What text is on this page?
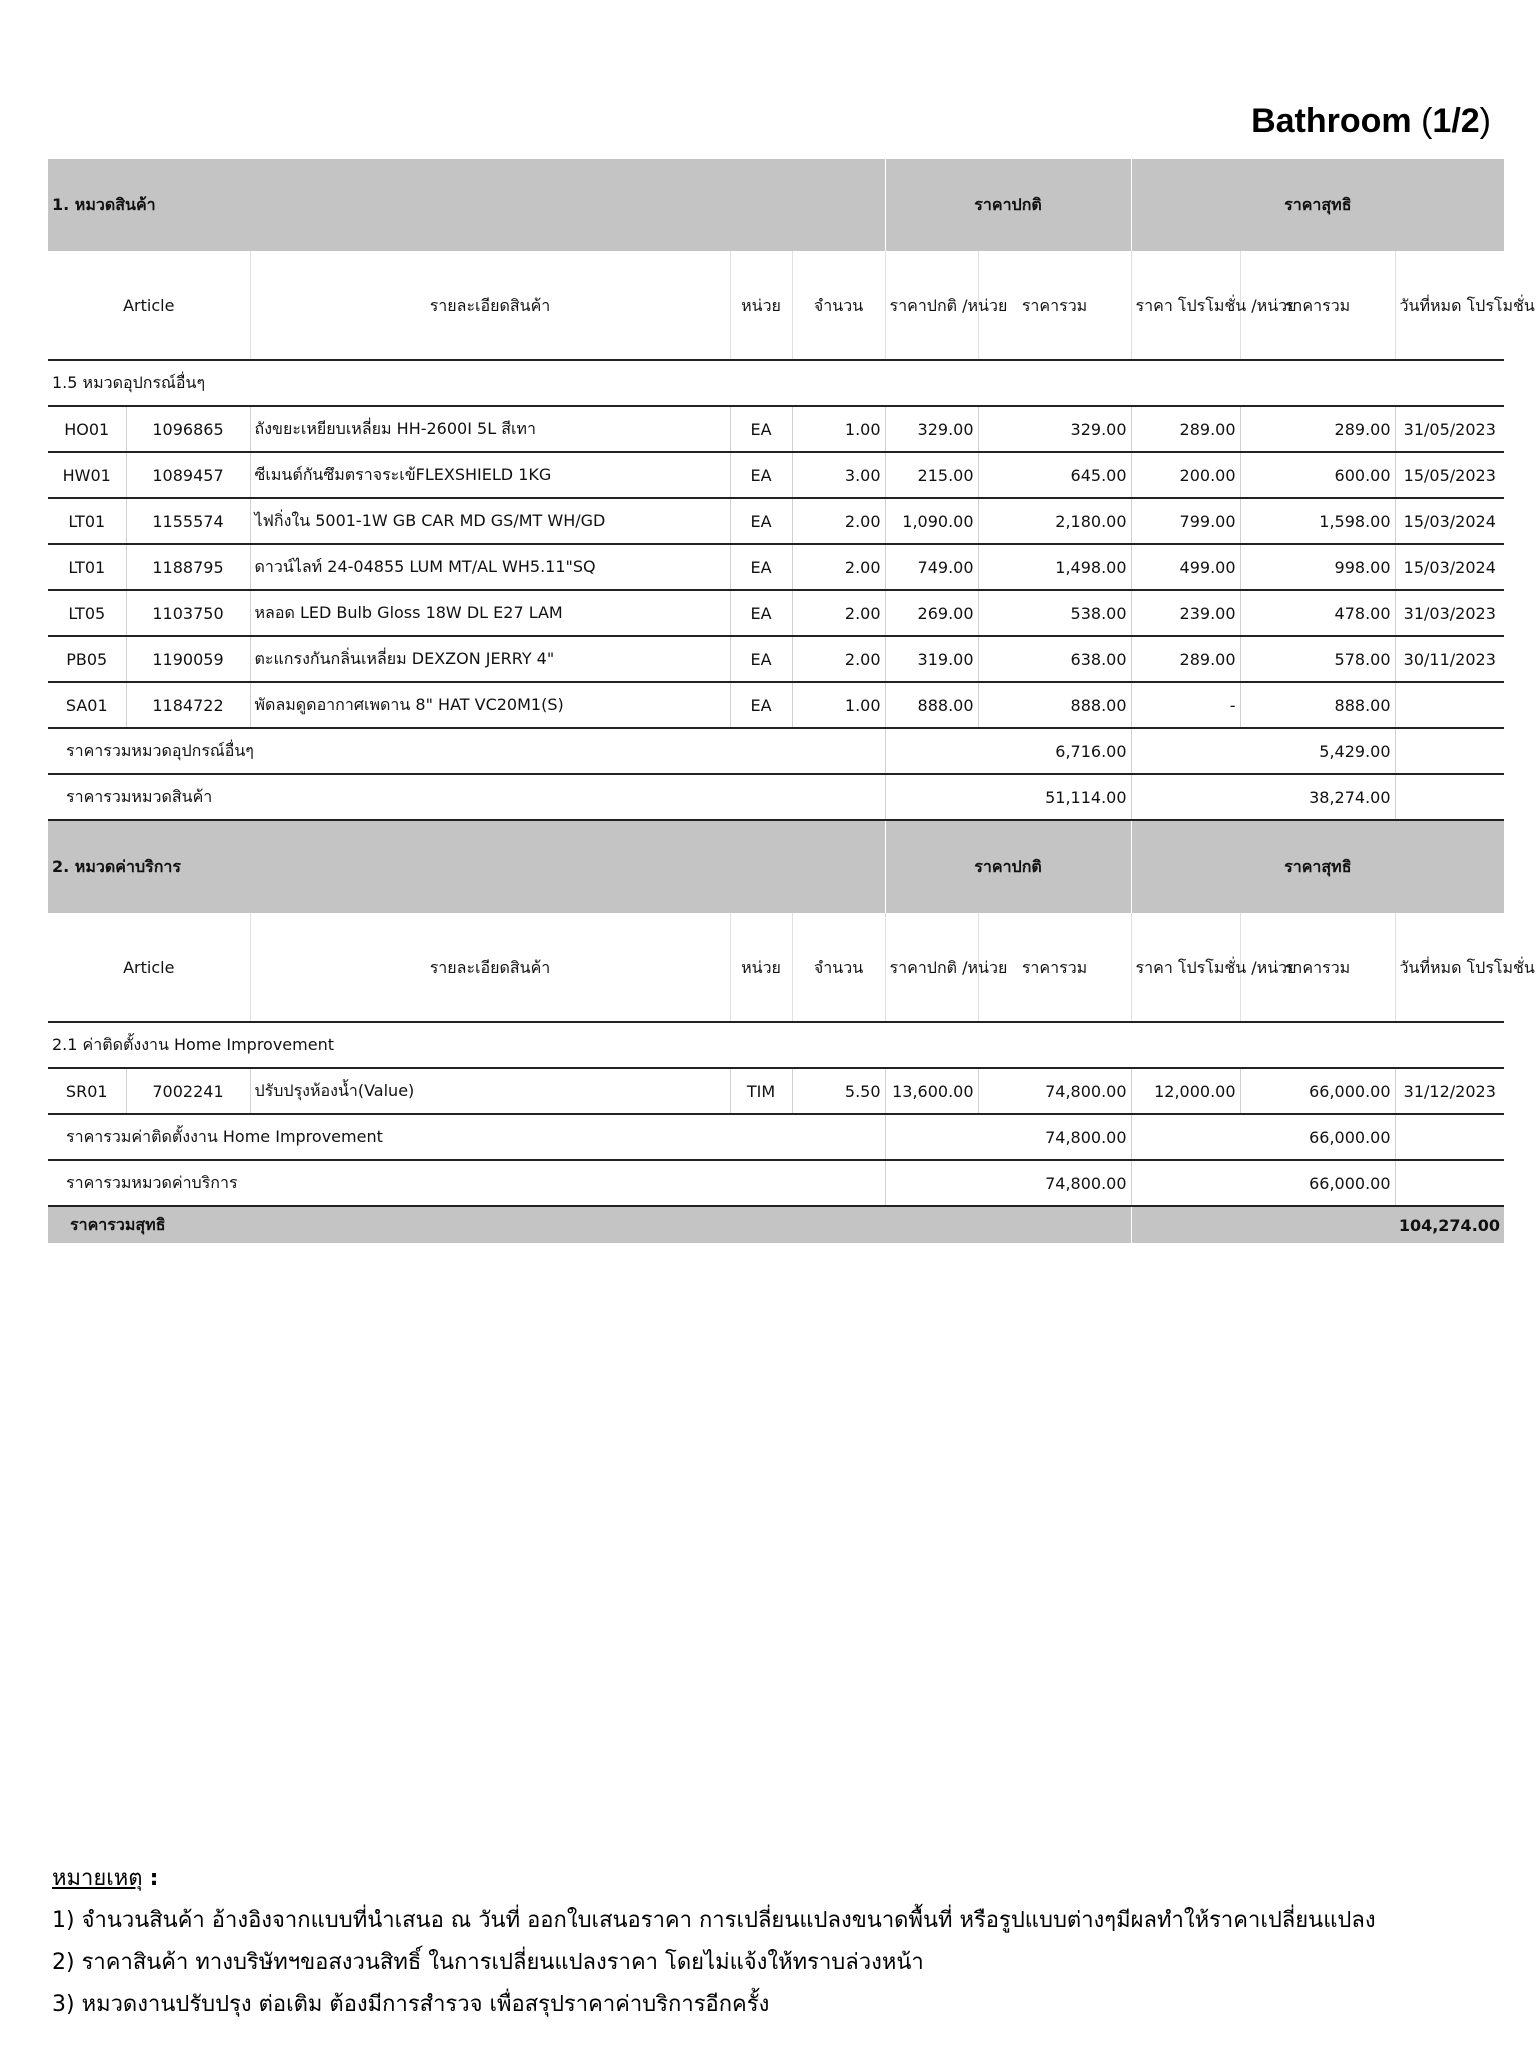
Bathroom (1/2)
1. หมวดสินค้า					ราคาปกติ		ราคาสุทธิ		
Article		รายละเอียดสินค้า	หน่วย	จำนวน	ราคาปกติ /หน่วย	ราคารวม	ราคา โปรโมชั่น /หน่วย	ราคารวม	วันที่หมด โปรโมชั่น
1.5 หมวดอุปกรณ์อื่นๆ									
HO01	1096865	ถังขยะเหยียบเหลี่ยม HH-2600I 5L สีเทา	EA	1.00	329.00	329.00	289.00	289.00	31/05/2023
HW01	1089457	ซีเมนต์กันซึมตราจระเข้FLEXSHIELD 1KG	EA	3.00	215.00	645.00	200.00	600.00	15/05/2023
LT01	1155574	ไฟกิ่งใน 5001-1W GB CAR MD GS/MT WH/GD	EA	2.00	1,090.00	2,180.00	799.00	1,598.00	15/03/2024
LT01	1188795	ดาวน์ไลท์ 24-04855 LUM MT/AL WH5.11"SQ	EA	2.00	749.00	1,498.00	499.00	998.00	15/03/2024
LT05	1103750	หลอด LED Bulb Gloss 18W DL E27 LAM	EA	2.00	269.00	538.00	239.00	478.00	31/03/2023
PB05	1190059	ตะแกรงกันกลิ่นเหลี่ยม DEXZON JERRY 4"	EA	2.00	319.00	638.00	289.00	578.00	30/11/2023
SA01	1184722	พัดลมดูดอากาศเพดาน 8" HAT VC20M1(S)	EA	1.00	888.00	888.00	-	888.00	
ราคารวมหมวดอุปกรณ์อื่นๆ					6,716.00		5,429.00		
ราคารวมหมวดสินค้า					51,114.00		38,274.00		
2. หมวดค่าบริการ					ราคาปกติ		ราคาสุทธิ		
Article		รายละเอียดสินค้า	หน่วย	จำนวน	ราคาปกติ /หน่วย	ราคารวม	ราคา โปรโมชั่น /หน่วย	ราคารวม	วันที่หมด โปรโมชั่น
2.1 ค่าติดตั้งงาน Home Improvement									
SR01	7002241	ปรับปรุงห้องน้ำ(Value)	TIM	5.50	13,600.00	74,800.00	12,000.00	66,000.00	31/12/2023
ราคารวมค่าติดตั้งงาน Home Improvement					74,800.00		66,000.00		
ราคารวมหมวดค่าบริการ					74,800.00		66,000.00		
ราคารวมสุทธิ							104,274.00		
หมายเหตุ :
1) จำนวนสินค้า อ้างอิงจากแบบที่นำเสนอ ณ วันที่ ออกใบเสนอราคา การเปลี่ยนแปลงขนาดพื้นที่ หรือรูปแบบต่างๆมีผลทำให้ราคาเปลี่ยนแปลง
2) ราคาสินค้า ทางบริษัทฯขอสงวนสิทธิ์ ในการเปลี่ยนแปลงราคา โดยไม่แจ้งให้ทราบล่วงหน้า
3) หมวดงานปรับปรุง ต่อเติม ต้องมีการสำรวจ เพื่อสรุปราคาค่าบริการอีกครั้ง
